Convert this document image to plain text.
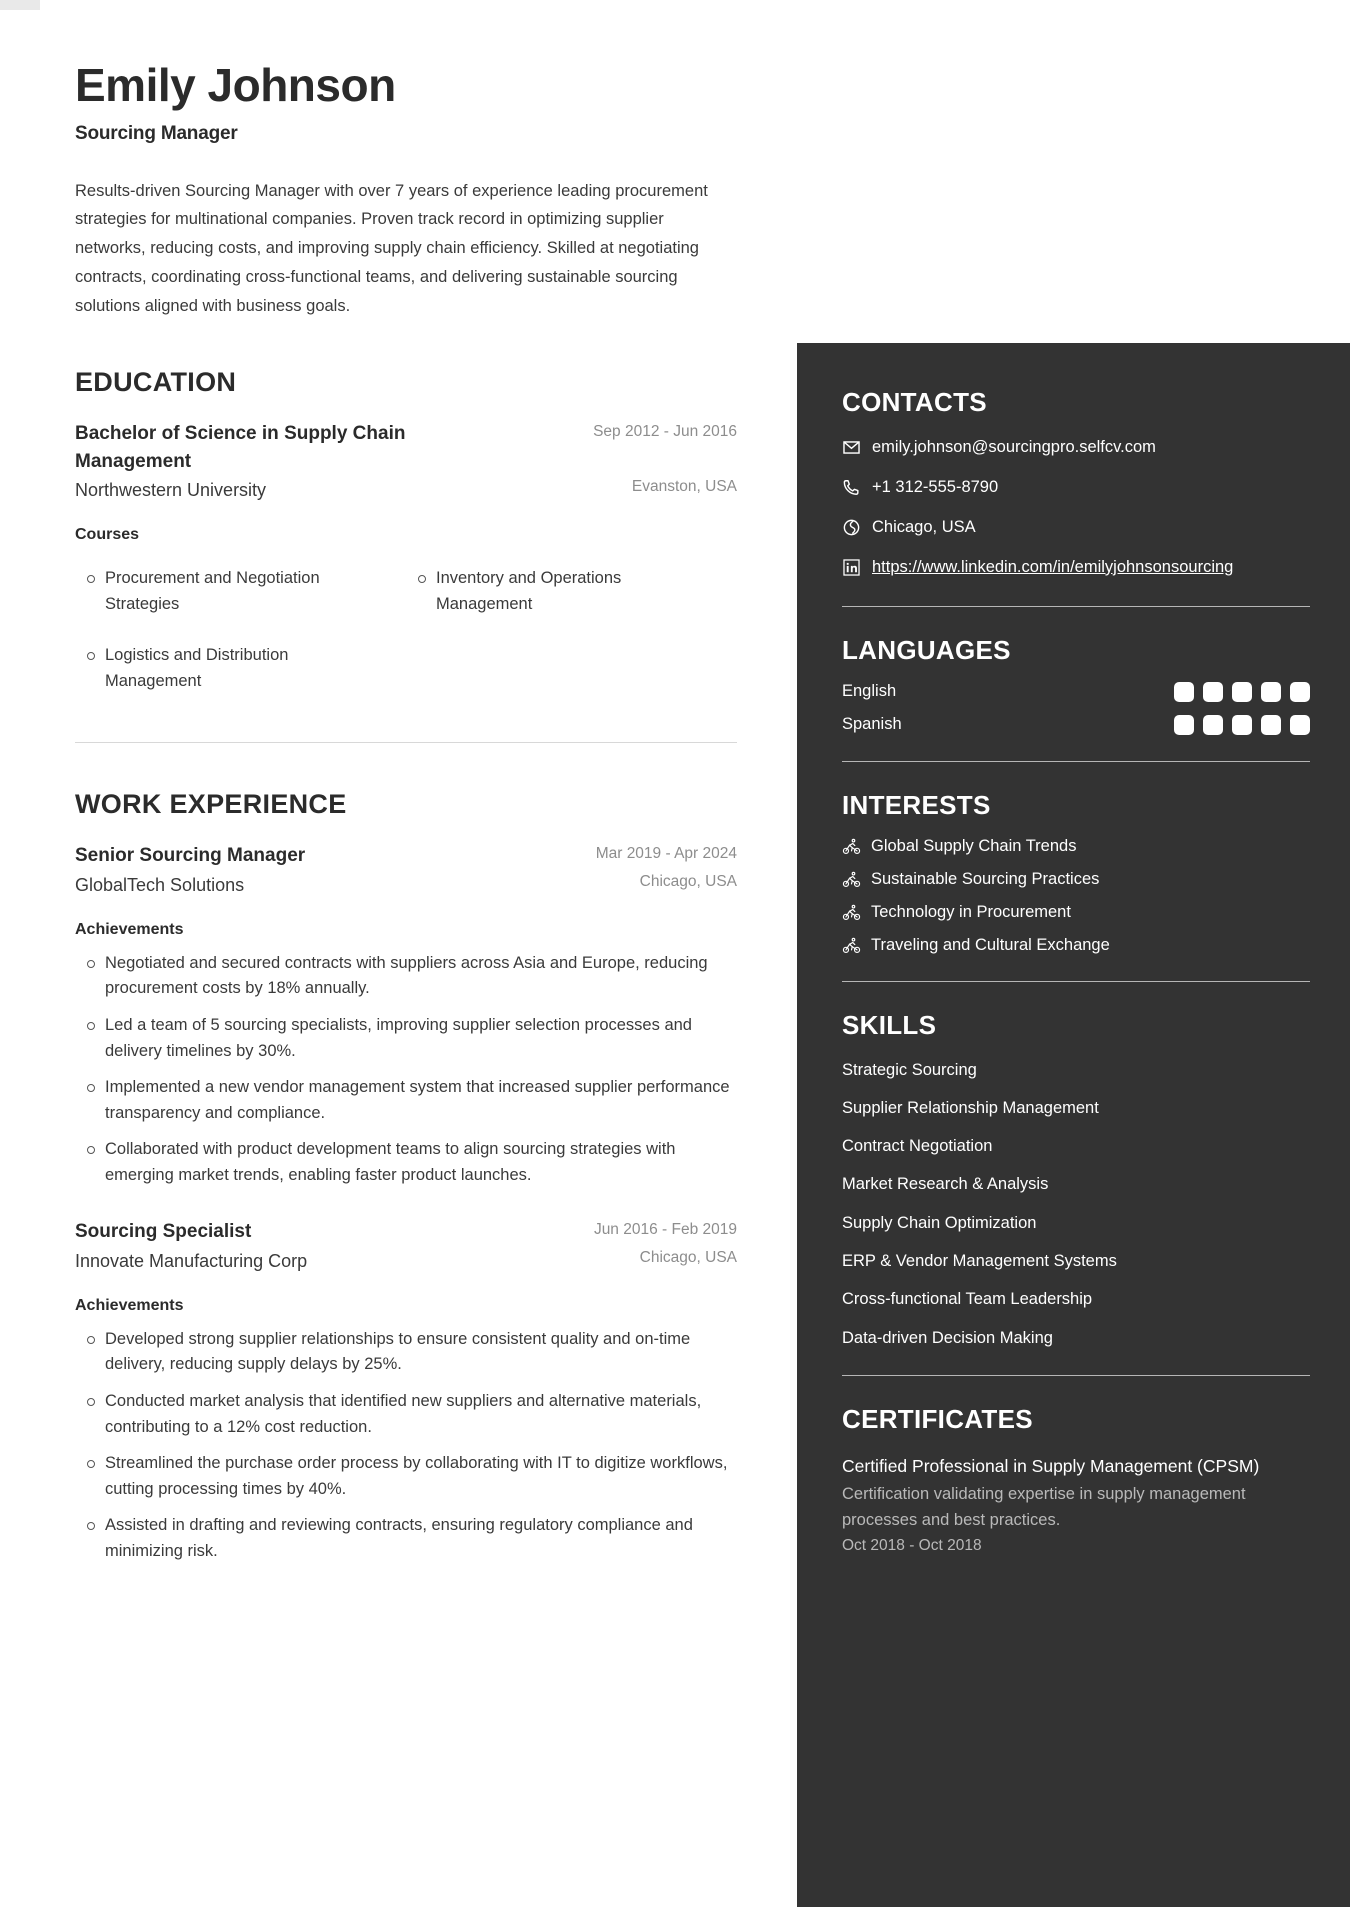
Emily Johnson
Sourcing Manager
Results-driven Sourcing Manager with over 7 years of experience leading procurement strategies for multinational companies. Proven track record in optimizing supplier networks, reducing costs, and improving supply chain efficiency. Skilled at negotiating contracts, coordinating cross-functional teams, and delivering sustainable sourcing solutions aligned with business goals.
EDUCATION
Bachelor of Science in Supply Chain Management
Sep 2012 - Jun 2016
Northwestern University	Evanston, USA
Courses
Procurement and Negotiation Strategies
Inventory and Operations Management
Logistics and Distribution Management
WORK EXPERIENCE
Senior Sourcing Manager	Mar 2019 - Apr 2024
GlobalTech Solutions	Chicago, USA
Achievements
Negotiated and secured contracts with suppliers across Asia and Europe, reducing procurement costs by 18% annually.
Led a team of 5 sourcing specialists, improving supplier selection processes and delivery timelines by 30%.
Implemented a new vendor management system that increased supplier performance transparency and compliance.
Collaborated with product development teams to align sourcing strategies with emerging market trends, enabling faster product launches.
Sourcing Specialist	Jun 2016 - Feb 2019
Innovate Manufacturing Corp	Chicago, USA
Achievements
Developed strong supplier relationships to ensure consistent quality and on-time delivery, reducing supply delays by 25%.
Conducted market analysis that identified new suppliers and alternative materials, contributing to a 12% cost reduction.
Streamlined the purchase order process by collaborating with IT to digitize workflows, cutting processing times by 40%.
Assisted in drafting and reviewing contracts, ensuring regulatory compliance and minimizing risk.
CONTACTS
emily.johnson@sourcingpro.selfcv.com
+1 312-555-8790
Chicago, USA
https://www.linkedin.com/in/emilyjohnsonsourcing
LANGUAGES
English
Spanish
INTERESTS
Global Supply Chain Trends
Sustainable Sourcing Practices
Technology in Procurement
Traveling and Cultural Exchange
SKILLS
Strategic Sourcing
Supplier Relationship Management
Contract Negotiation
Market Research & Analysis
Supply Chain Optimization
ERP & Vendor Management Systems
Cross-functional Team Leadership
Data-driven Decision Making
CERTIFICATES
Certified Professional in Supply Management (CPSM)
Certification validating expertise in supply management processes and best practices.
Oct 2018 - Oct 2018
